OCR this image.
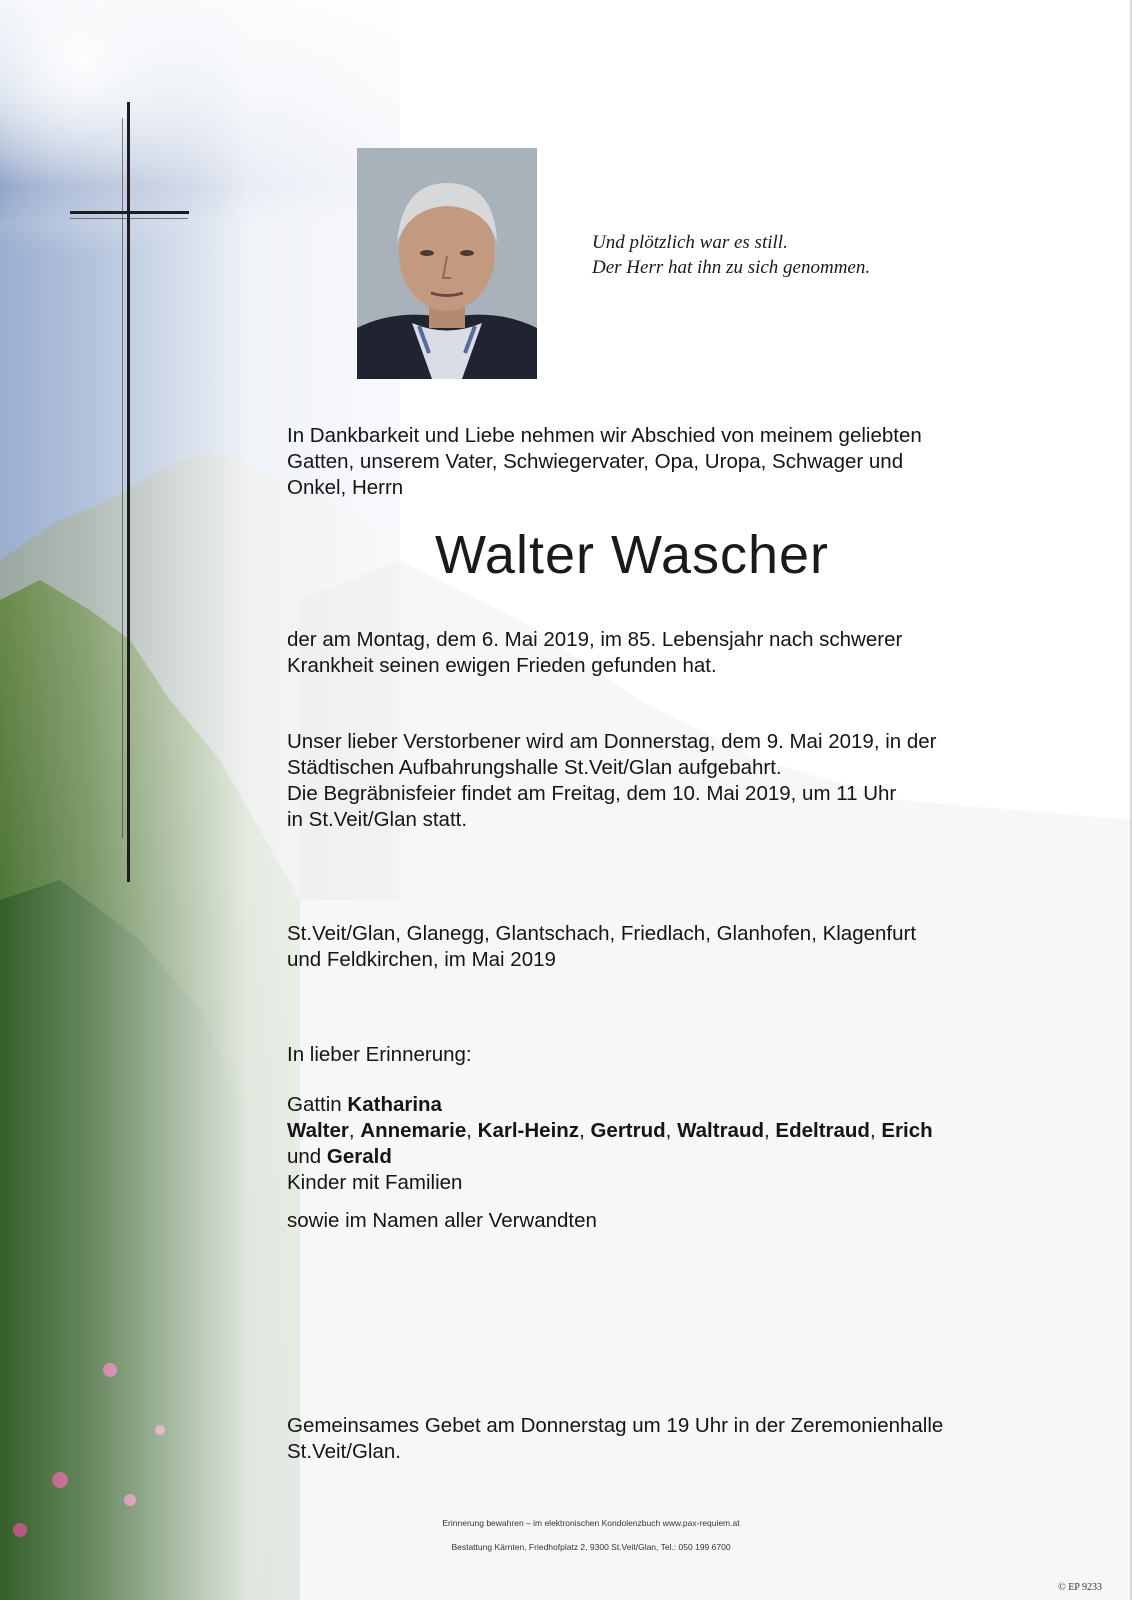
Und plötzlich war es still.
Der Herr hat ihn zu sich genommen.
In Dankbarkeit und Liebe nehmen wir Abschied von meinem geliebten
Gatten, unserem Vater, Schwiegervater, Opa, Uropa, Schwager und
Onkel, Herrn
Walter Wascher
der am Montag, dem 6. Mai 2019, im 85. Lebensjahr nach schwerer
Krankheit seinen ewigen Frieden gefunden hat.
Unser lieber Verstorbener wird am Donnerstag, dem 9. Mai 2019, in der
Städtischen Aufbahrungshalle St.Veit/Glan aufgebahrt.
Die Begräbnisfeier findet am Freitag, dem 10. Mai 2019, um 11 Uhr
in St.Veit/Glan statt.
St.Veit/Glan, Glanegg, Glantschach, Friedlach, Glanhofen, Klagenfurt
und Feldkirchen, im Mai 2019
In lieber Erinnerung:
Gattin Katharina
Walter, Annemarie, Karl-Heinz, Gertrud, Waltraud, Edeltraud, Erich
und Gerald
Kinder mit Familien
sowie im Namen aller Verwandten
Gemeinsames Gebet am Donnerstag um 19 Uhr in der Zeremonienhalle
St.Veit/Glan.
Erinnerung bewahren – im elektronischen Kondolenzbuch www.pax-requiem.at
Bestattung Kärnten, Friedhofplatz 2, 9300 St.Veit/Glan, Tel.: 050 199 6700
© EP 9233
